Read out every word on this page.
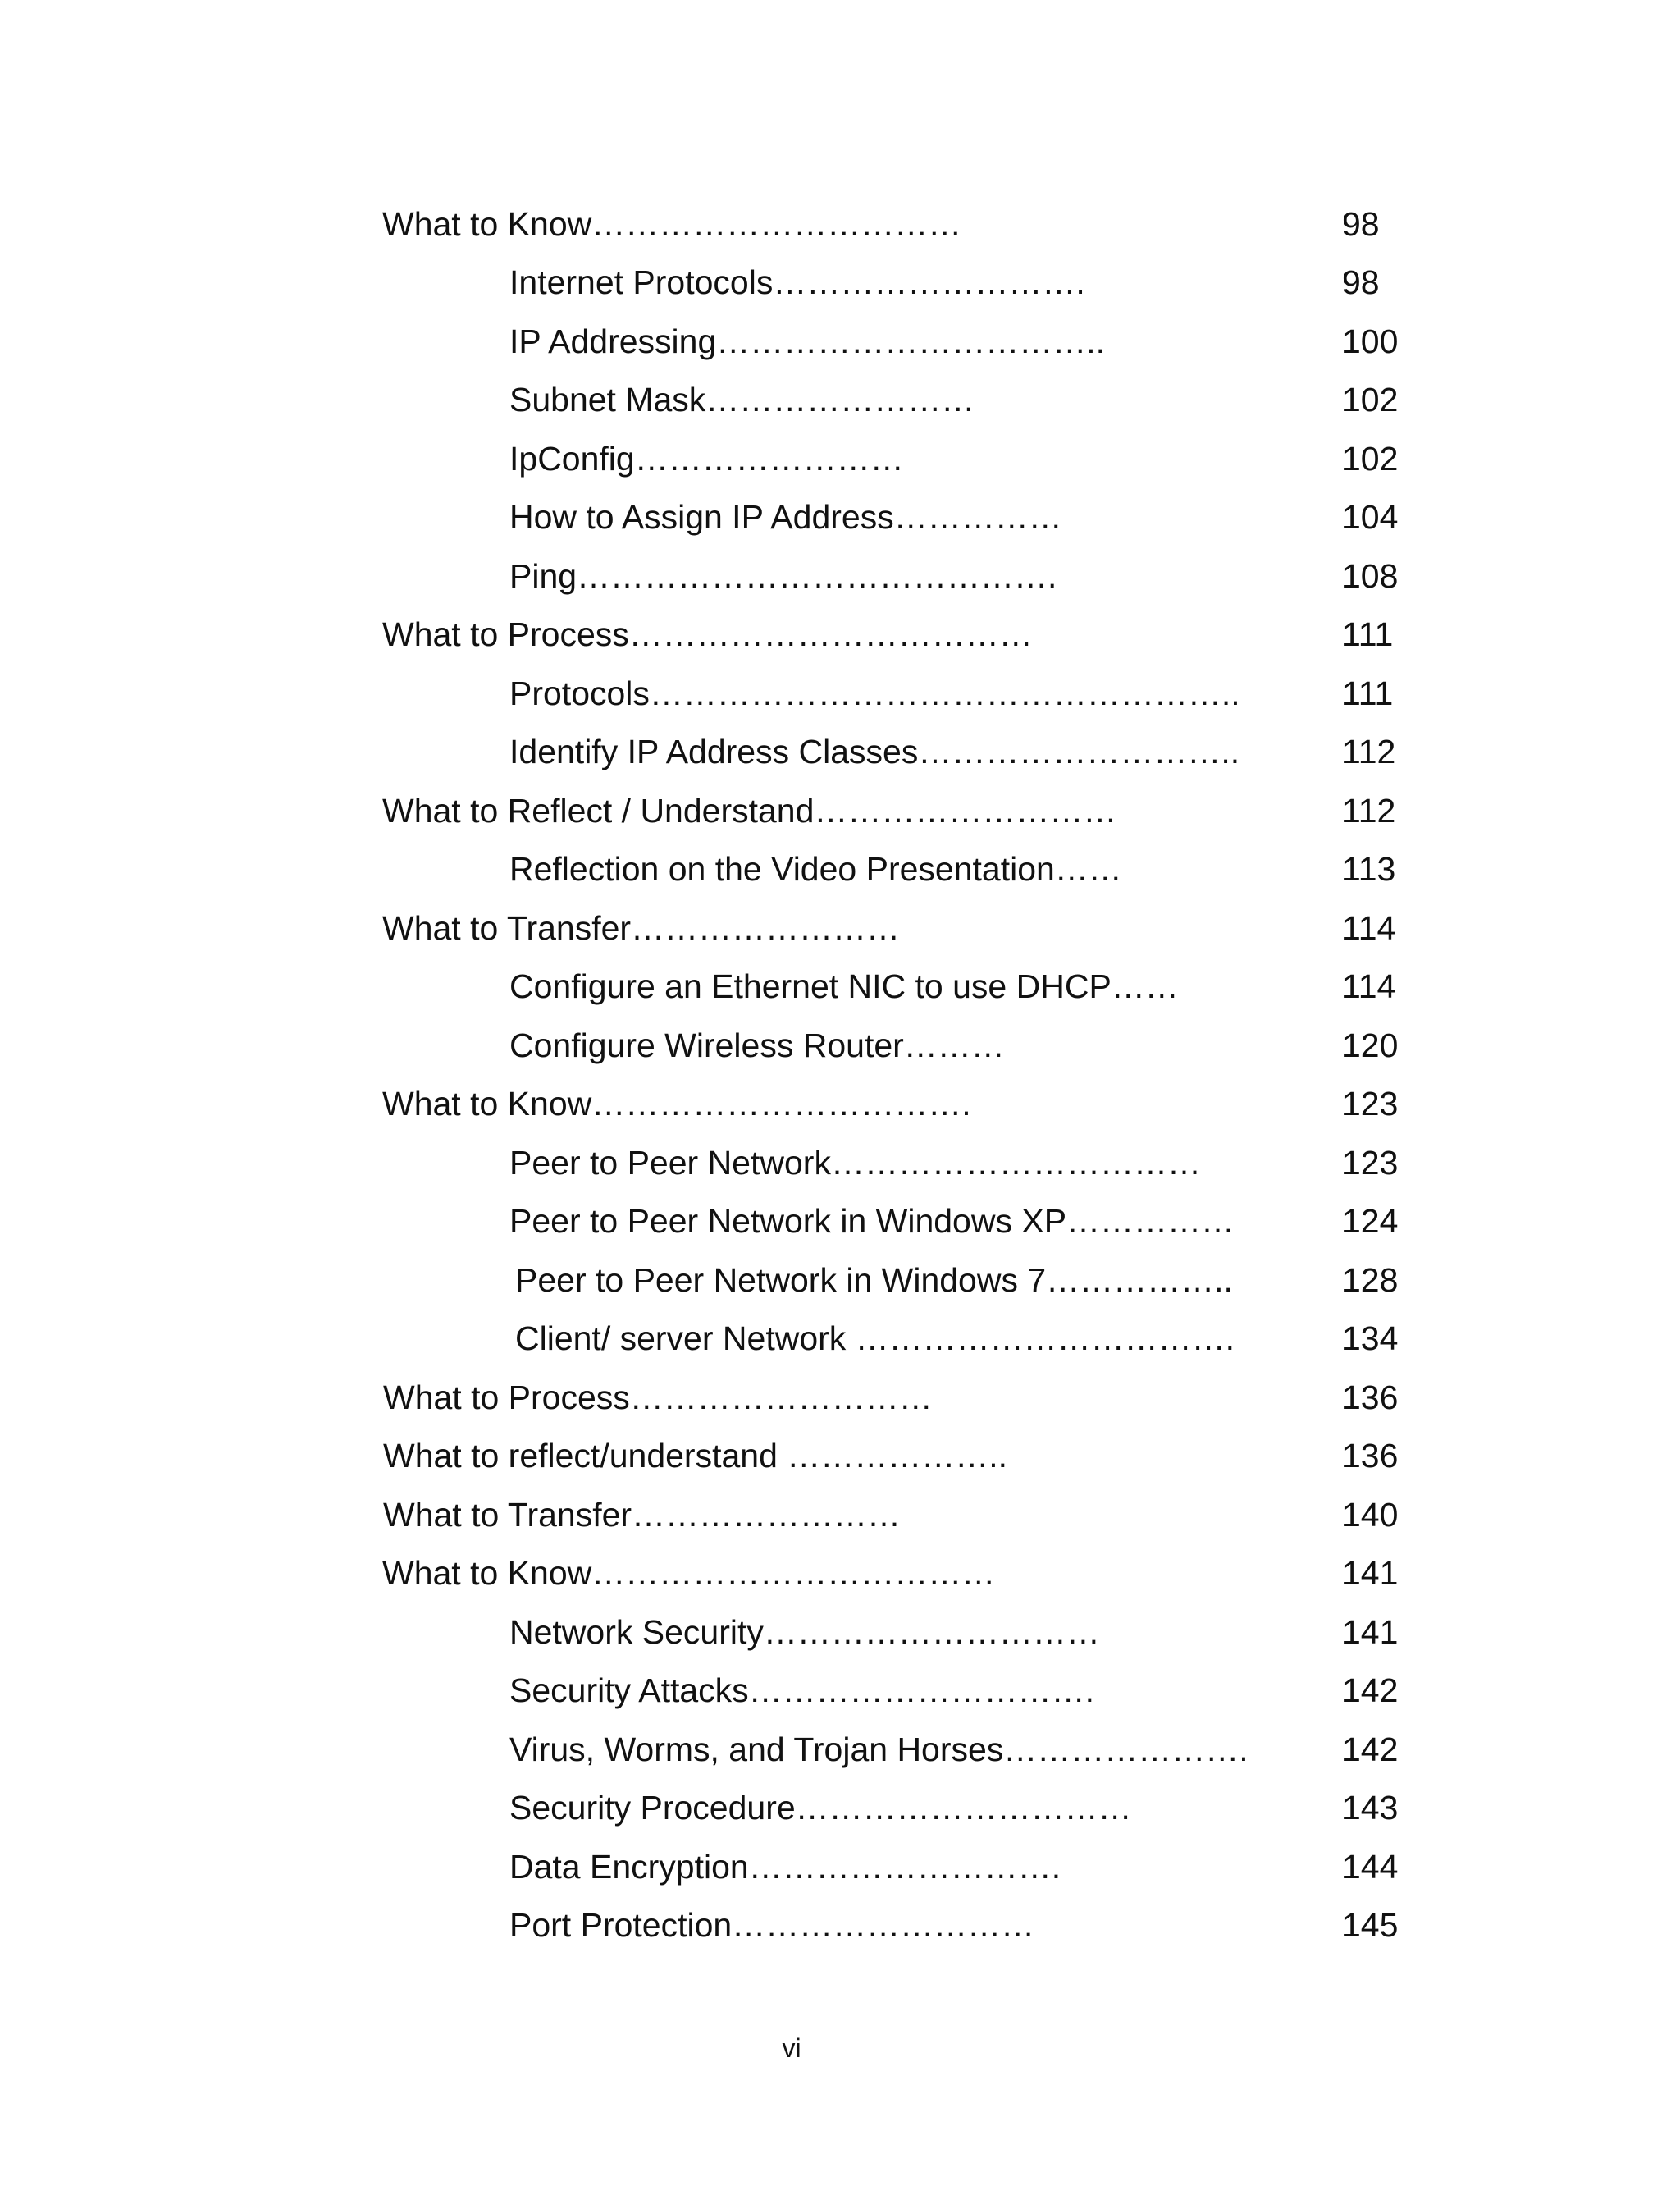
What to Know……………………………	98
Internet Protocols……………………….	98
IP Addressing……………………………..	100
Subnet Mask……………………	102
IpConfig……………………	102
How to Assign IP Address……………	104
Ping…………………………………….	108
What to Process………………………………	111
Protocols……………………………………………..	111
Identify IP Address Classes………………………..	112
What to Reflect / Understand………………………	112
Reflection on the Video Presentation……	113
What to Transfer……………………	114
Configure an Ethernet NIC to use DHCP……	114
Configure Wireless Router………	120
What to Know…………………………….	123
Peer to Peer Network……………………………	123
Peer to Peer Network in Windows XP……………	124
Peer to Peer Network in Windows 7……………..	128
Client/ server Network …………………………….	134
What to Process………………………	136
What to reflect/understand ………………..	136
What to Transfer……………………	140
What to Know………………………………	141
Network Security…………………………	141
Security Attacks………………………….	142
Virus, Worms, and Trojan Horses………………….	142
Security Procedure…………………………	143
Data Encryption……………………….	144
Port Protection………………………	145
vi
